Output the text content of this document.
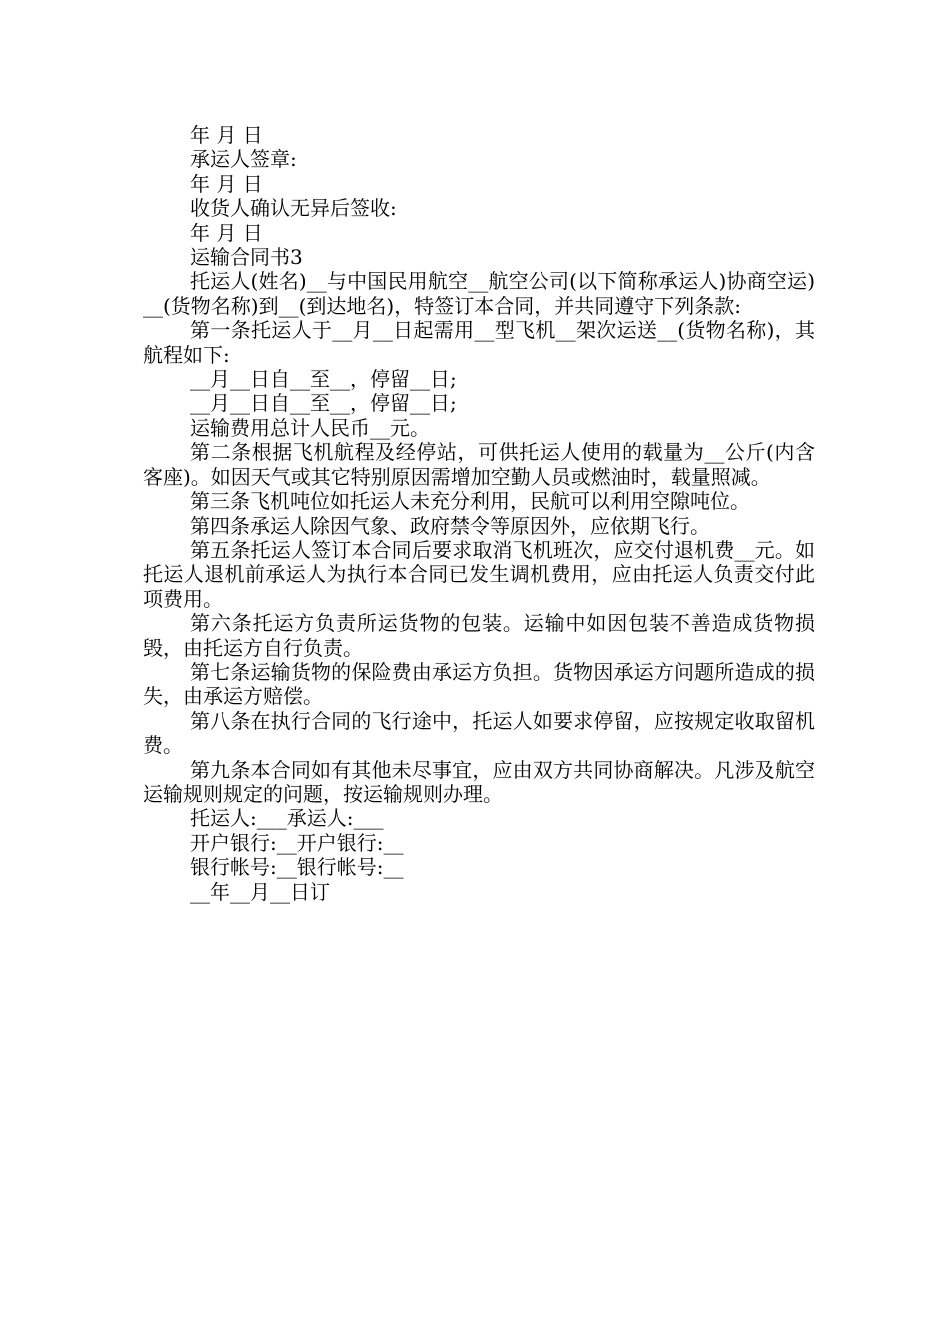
年 月 日

承运人签章:

年 月 日

收货人确认无异后签收:

年 月 日

运输合同书3

托运人(姓名)__与中国民用航空__航空公司(以下简称承运人)协商空运)__(货物名称)到__(到达地名)，特签订本合同，并共同遵守下列条款:

第一条托运人于__月__日起需用__型飞机__架次运送__(货物名称)，其航程如下:

__月__日自__至__，停留__日;

__月__日自__至__，停留__日;

运输费用总计人民币__元。

第二条根据飞机航程及经停站，可供托运人使用的载量为__公斤(内含客座)。如因天气或其它特别原因需增加空勤人员或燃油时，载量照减。

第三条飞机吨位如托运人未充分利用，民航可以利用空隙吨位。

第四条承运人除因气象、政府禁令等原因外，应依期飞行。

第五条托运人签订本合同后要求取消飞机班次，应交付退机费__元。如托运人退机前承运人为执行本合同已发生调机费用，应由托运人负责交付此项费用。

第六条托运方负责所运货物的包装。运输中如因包装不善造成货物损毁，由托运方自行负责。

第七条运输货物的保险费由承运方负担。货物因承运方问题所造成的损失，由承运方赔偿。

第八条在执行合同的飞行途中，托运人如要求停留，应按规定收取留机费。

第九条本合同如有其他未尽事宜，应由双方共同协商解决。凡涉及航空运输规则规定的问题，按运输规则办理。

托运人:___承运人:___

开户银行:__开户银行:__

银行帐号:__银行帐号:__

__年__月__日订
